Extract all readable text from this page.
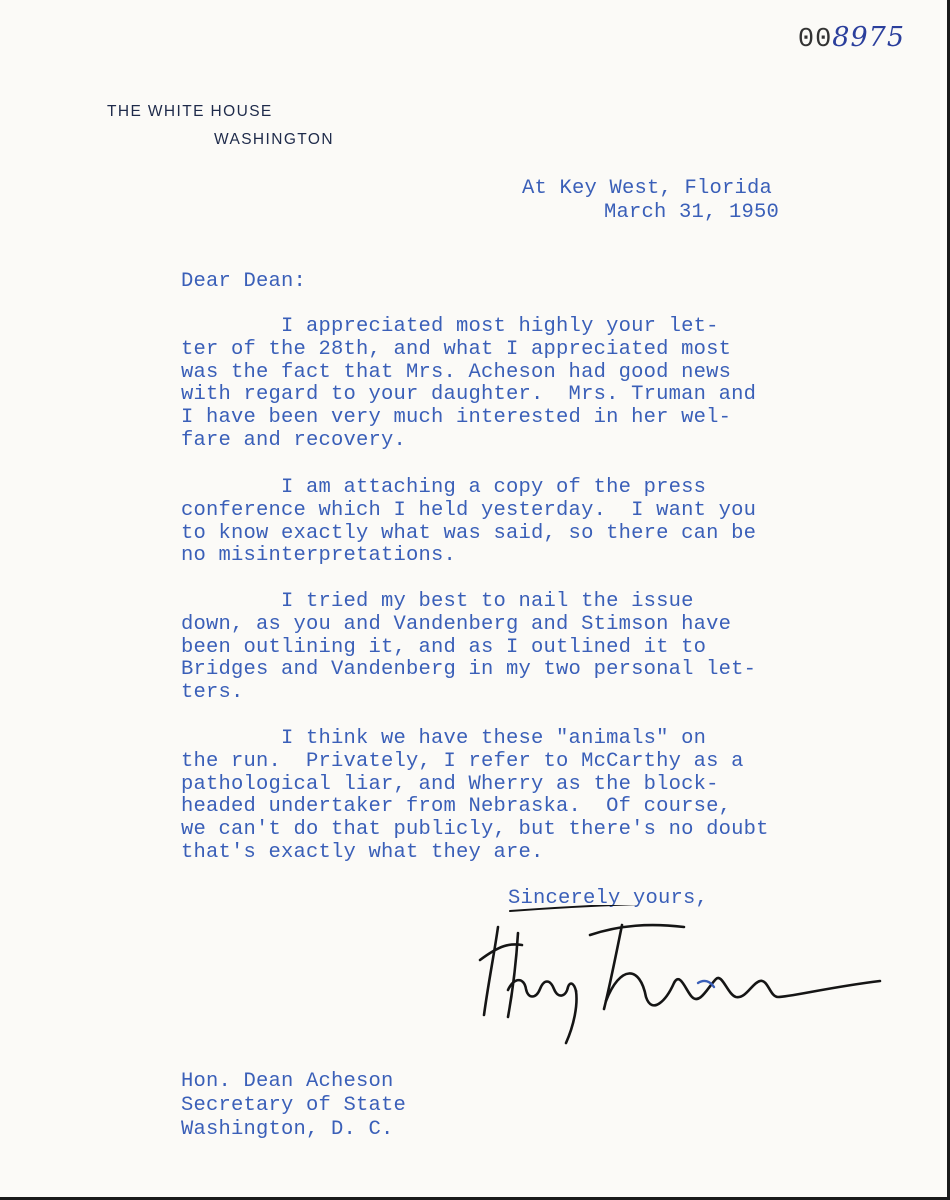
008975
THE WHITE HOUSE
WASHINGTON

At Key West, Florida

March 31, 1950

Dear Dean:

I appreciated most highly your let-
ter of the 28th, and what I appreciated most
was the fact that Mrs. Acheson had good news
with regard to your daughter.  Mrs. Truman and
I have been very much interested in her wel-
fare and recovery.

I am attaching a copy of the press
conference which I held yesterday.  I want you
to know exactly what was said, so there can be
no misinterpretations.

I tried my best to nail the issue
down, as you and Vandenberg and Stimson have
been outlining it, and as I outlined it to
Bridges and Vandenberg in my two personal let-
ters.

I think we have these "animals" on
the run.  Privately, I refer to McCarthy as a
pathological liar, and Wherry as the block-
headed undertaker from Nebraska.  Of course,
we can't do that publicly, but there's no doubt
that's exactly what they are.

Sincerely yours,

Hon. Dean Acheson

Secretary of State

Washington, D. C.
